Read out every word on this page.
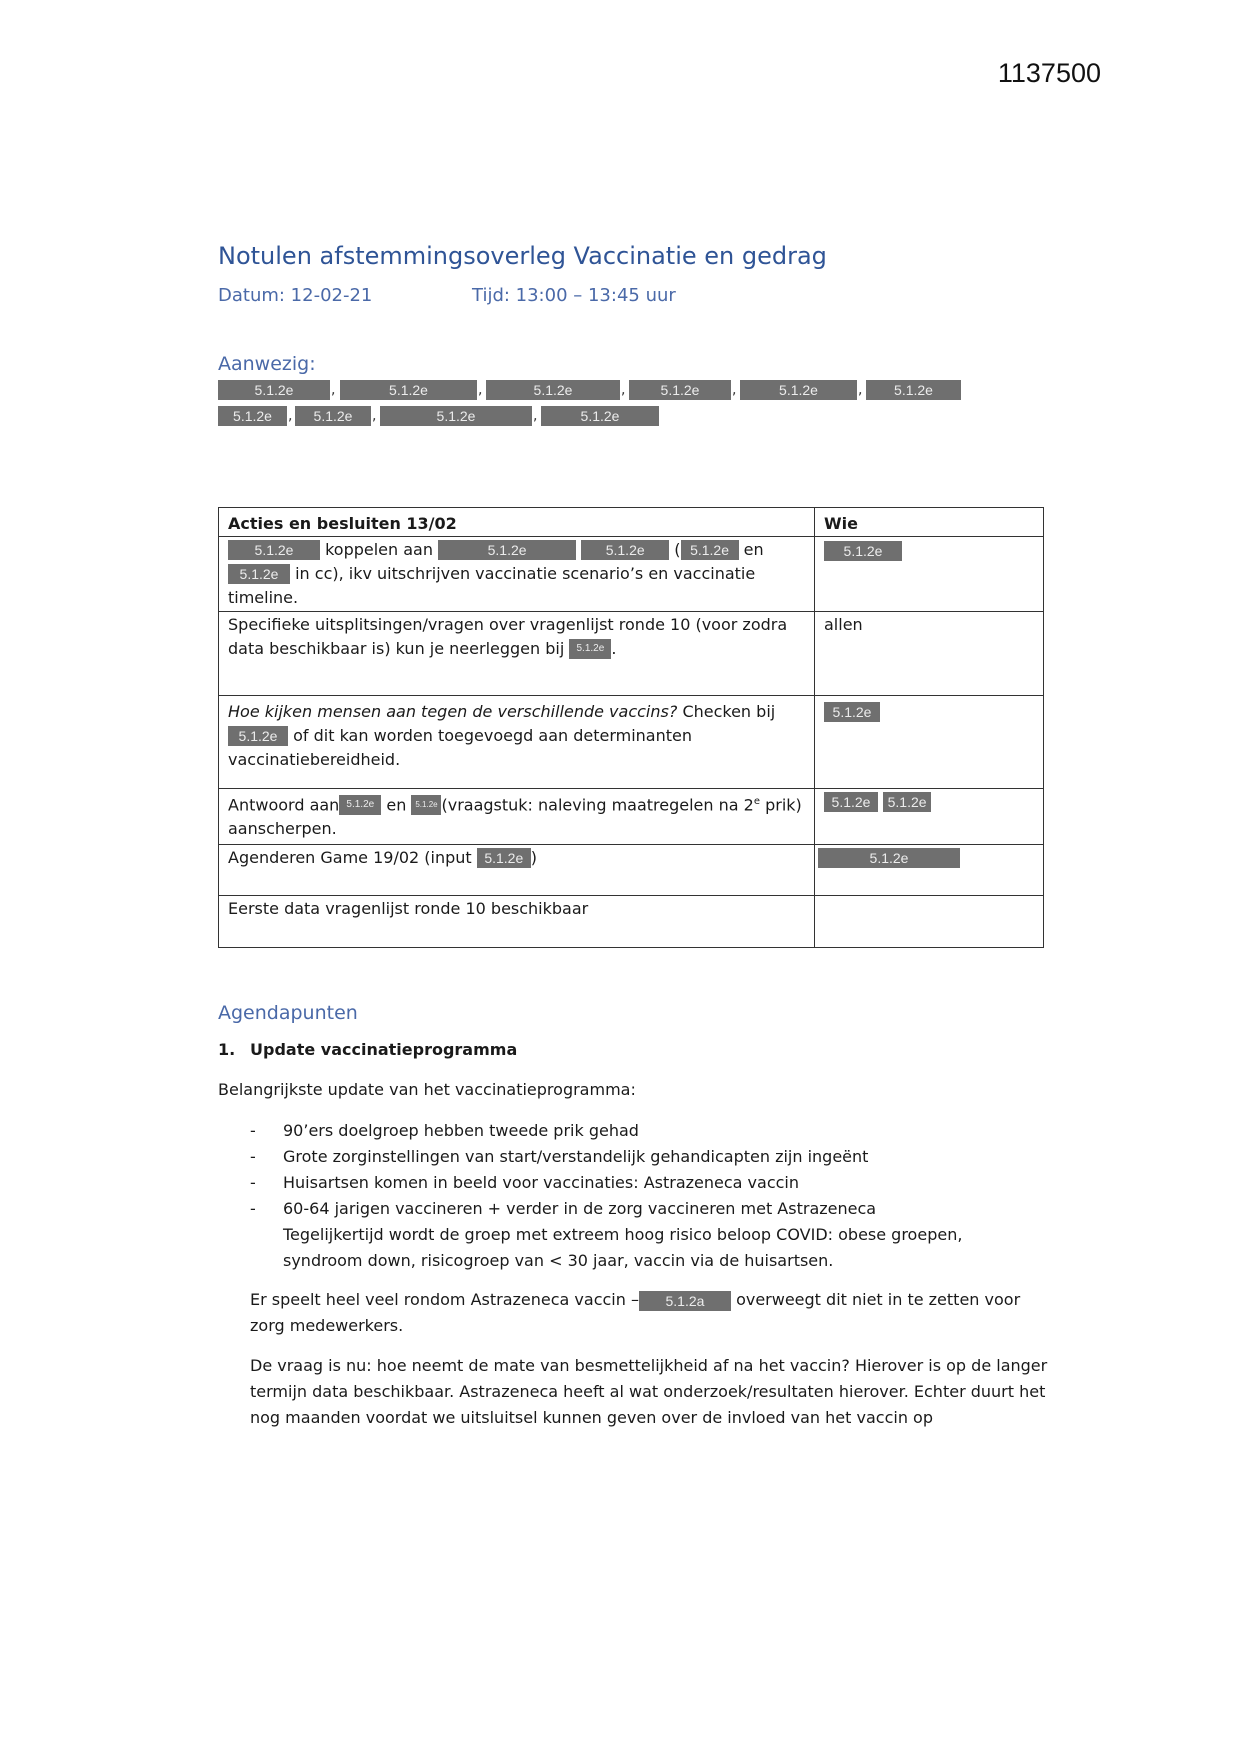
1137500
Notulen afstemmingsoverleg Vaccinatie en gedrag
Datum: 12-02-21	Tijd: 13:00 – 13:45 uur
Aanwezig:
5.1.2e	,	5.1.2e	,	5.1.2e	,	5.1.2e	,	5.1.2e	,	5.1.2e
5.1.2e	,	5.1.2e	,	5.1.2e	,	5.1.2e
Acties en besluiten 13/02	Wie
5.1.2e koppelen aan 5.1.2e 5.1.2e ( 5.1.2e en
5.1.2e in cc), ikv uitschrijven vaccinatie scenario’s en vaccinatie timeline.	5.1.2e
Specifieke uitsplitsingen/vragen over vragenlijst ronde 10 (voor zodra data beschikbaar is) kun je neerleggen bij 5.1.2e .	allen
Hoe kijken mensen aan tegen de verschillende vaccins? Checken bij
5.1.2e of dit kan worden toegevoegd aan determinanten vaccinatiebereidheid.	5.1.2e
Antwoord aan 5.1.2e en 5.1.2e (vraagstuk: naleving maatregelen na 2e prik)
aanscherpen.	5.1.2e 5.1.2e
Agenderen Game 19/02 (input 5.1.2e )	5.1.2e
Eerste data vragenlijst ronde 10 beschikbaar	
Agendapunten
1. Update vaccinatieprogramma
Belangrijkste update van het vaccinatieprogramma:
- 90’ers doelgroep hebben tweede prik gehad
- Grote zorginstellingen van start/verstandelijk gehandicapten zijn ingeënt
- Huisartsen komen in beeld voor vaccinaties: Astrazeneca vaccin
- 60-64 jarigen vaccineren + verder in de zorg vaccineren met Astrazeneca
Tegelijkertijd wordt de groep met extreem hoog risico beloop COVID: obese groepen, syndroom down, risicogroep van < 30 jaar, vaccin via de huisartsen.
Er speelt heel veel rondom Astrazeneca vaccin – 5.1.2a overweegt dit niet in te zetten voor zorg medewerkers.
De vraag is nu: hoe neemt de mate van besmettelijkheid af na het vaccin? Hierover is op de langer termijn data beschikbaar. Astrazeneca heeft al wat onderzoek/resultaten hierover. Echter duurt het nog maanden voordat we uitsluitsel kunnen geven over de invloed van het vaccin op
